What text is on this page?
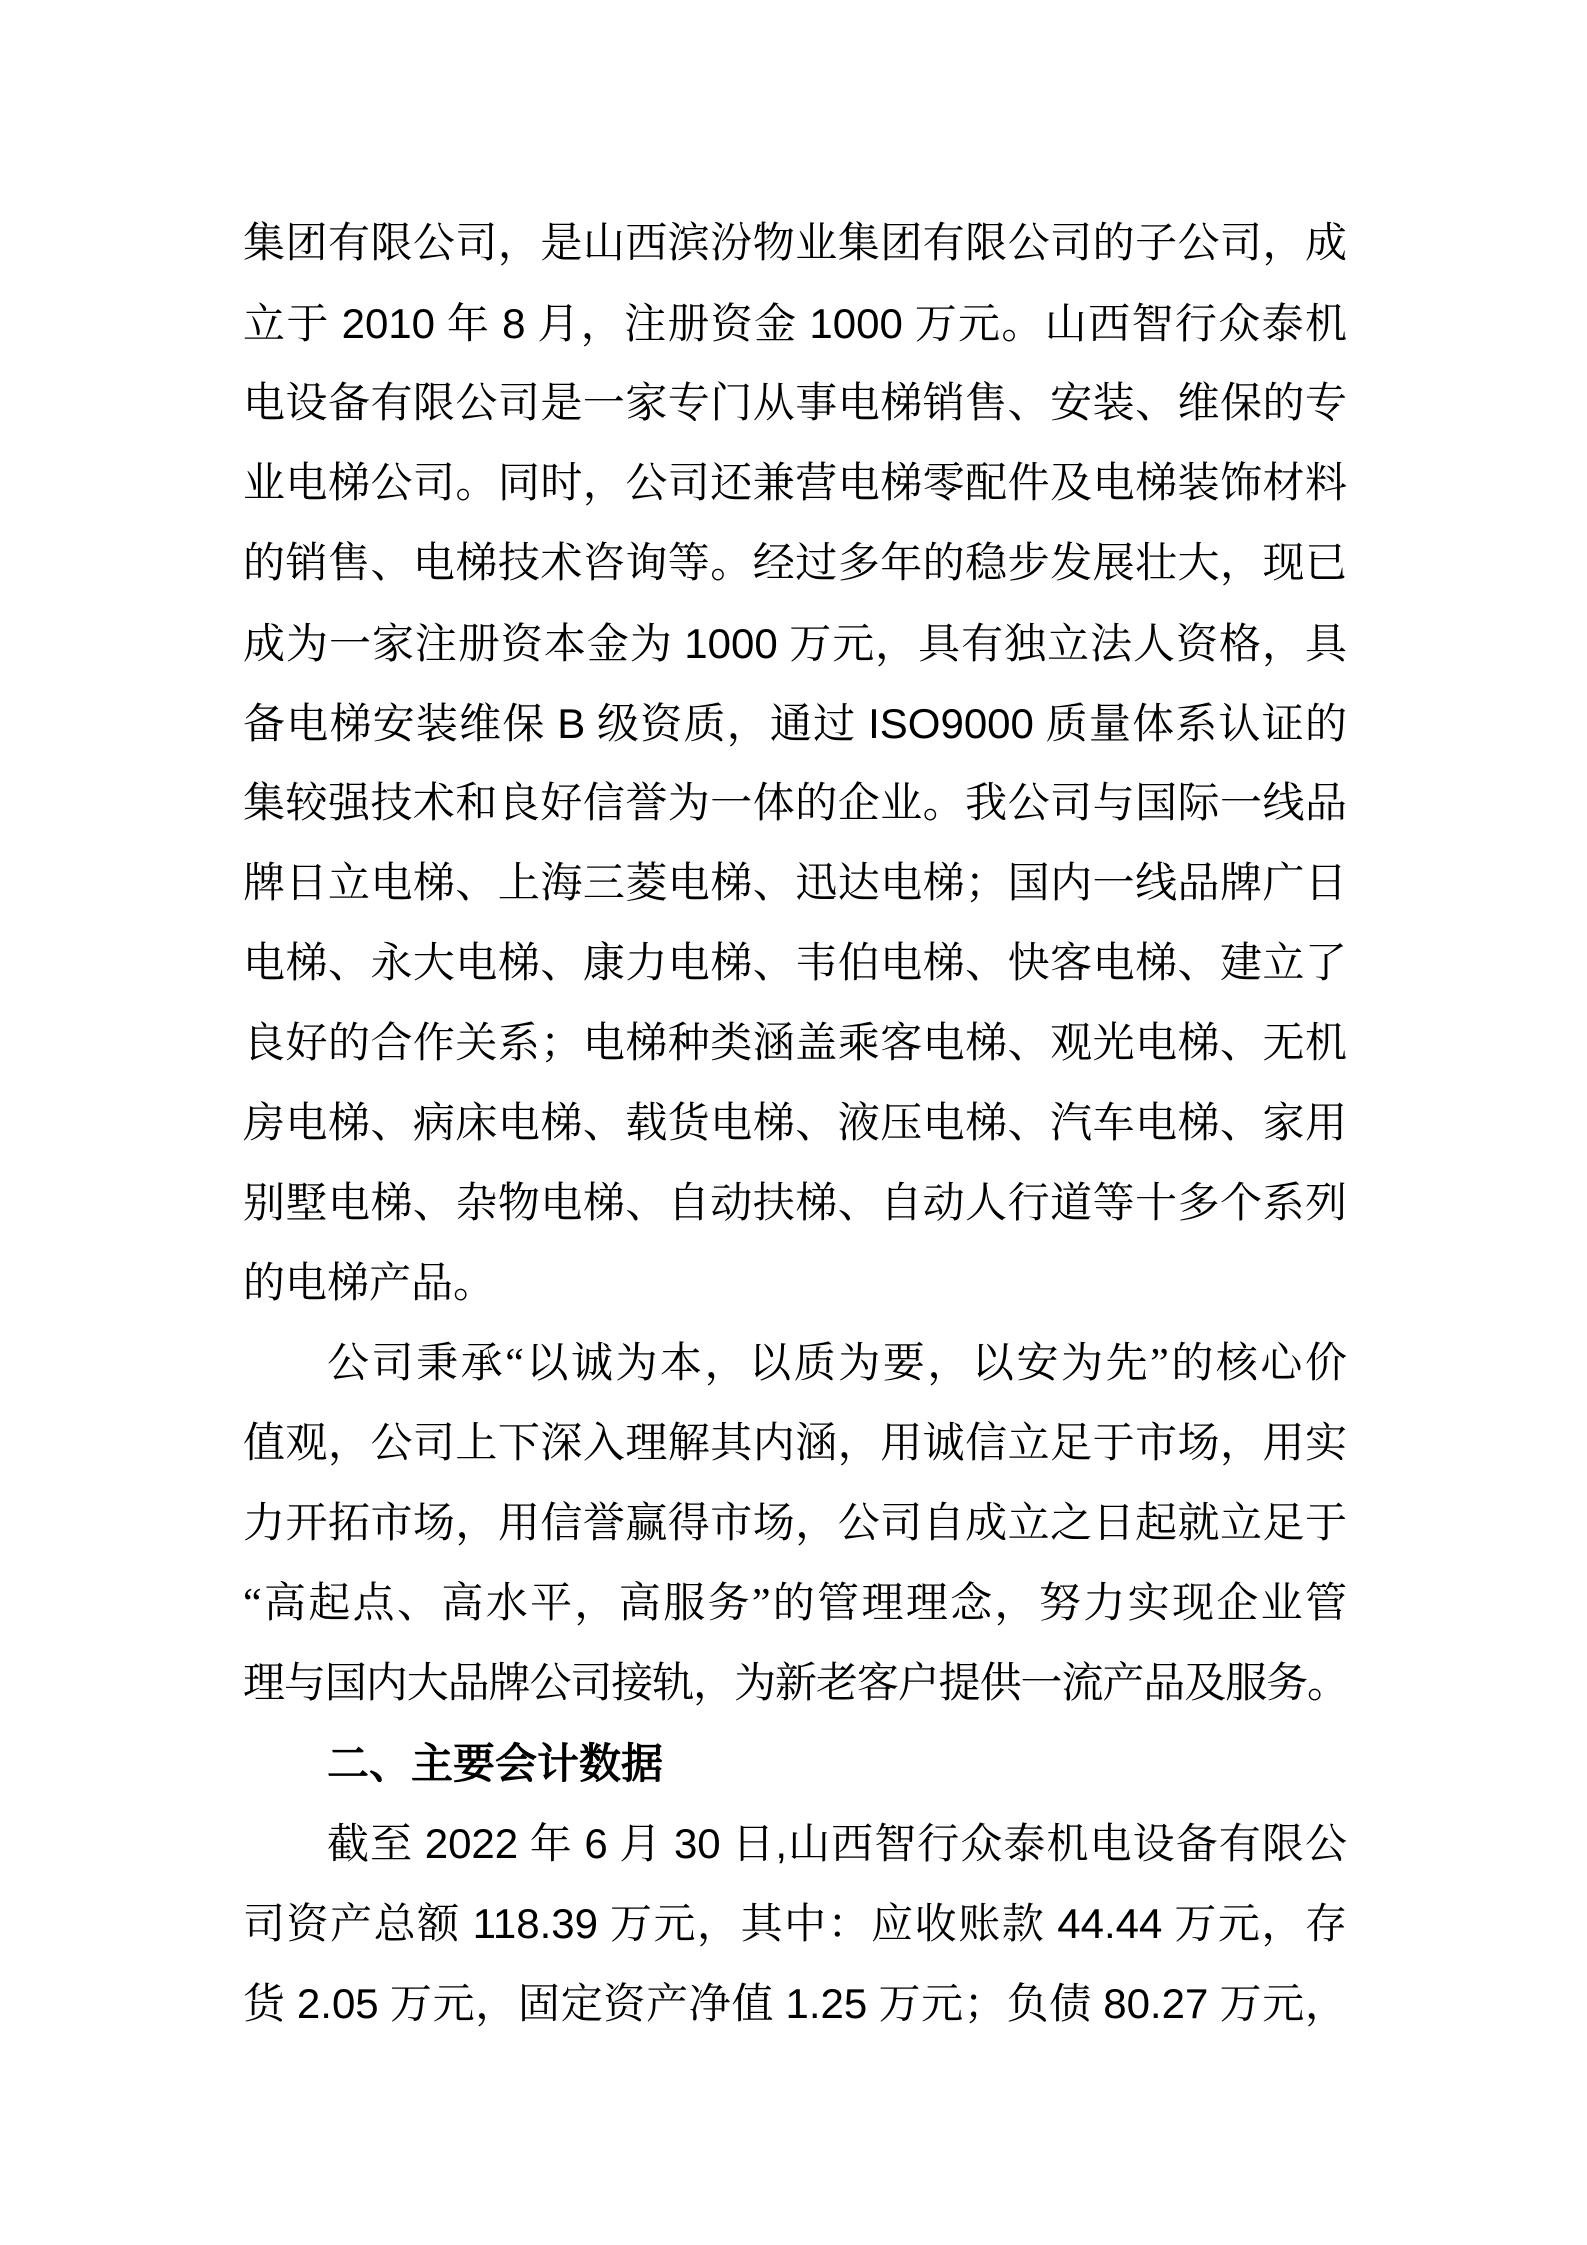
集团有限公司，是山西滨汾物业集团有限公司的子公司，成
立于 2010 年 8 月，注册资金 1000 万元。山西智行众泰机
电设备有限公司是一家专门从事电梯销售、安装、维保的专
业电梯公司。同时，公司还兼营电梯零配件及电梯装饰材料
的销售、电梯技术咨询等。经过多年的稳步发展壮大，现已
成为一家注册资本金为 1000 万元，具有独立法人资格，具
备电梯安装维保 B 级资质，通过 ISO9000 质量体系认证的
集较强技术和良好信誉为一体的企业。我公司与国际一线品
牌日立电梯、上海三菱电梯、迅达电梯；国内一线品牌广日
电梯、永大电梯、康力电梯、韦伯电梯、快客电梯、建立了
良好的合作关系；电梯种类涵盖乘客电梯、观光电梯、无机
房电梯、病床电梯、载货电梯、液压电梯、汽车电梯、家用
别墅电梯、杂物电梯、自动扶梯、自动人行道等十多个系列
的电梯产品。
公司秉承“以诚为本，以质为要，以安为先”的核心价
值观，公司上下深入理解其内涵，用诚信立足于市场，用实
力开拓市场，用信誉赢得市场，公司自成立之日起就立足于
“高起点、高水平，高服务”的管理理念，努力实现企业管
理与国内大品牌公司接轨，为新老客户提供一流产品及服务。
二、主要会计数据
截至 2022 年 6 月 30 日,山西智行众泰机电设备有限公
司资产总额 118.39 万元，其中：应收账款 44.44 万元，存
货 2.05 万元，固定资产净值 1.25 万元；负债 80.27 万元，
